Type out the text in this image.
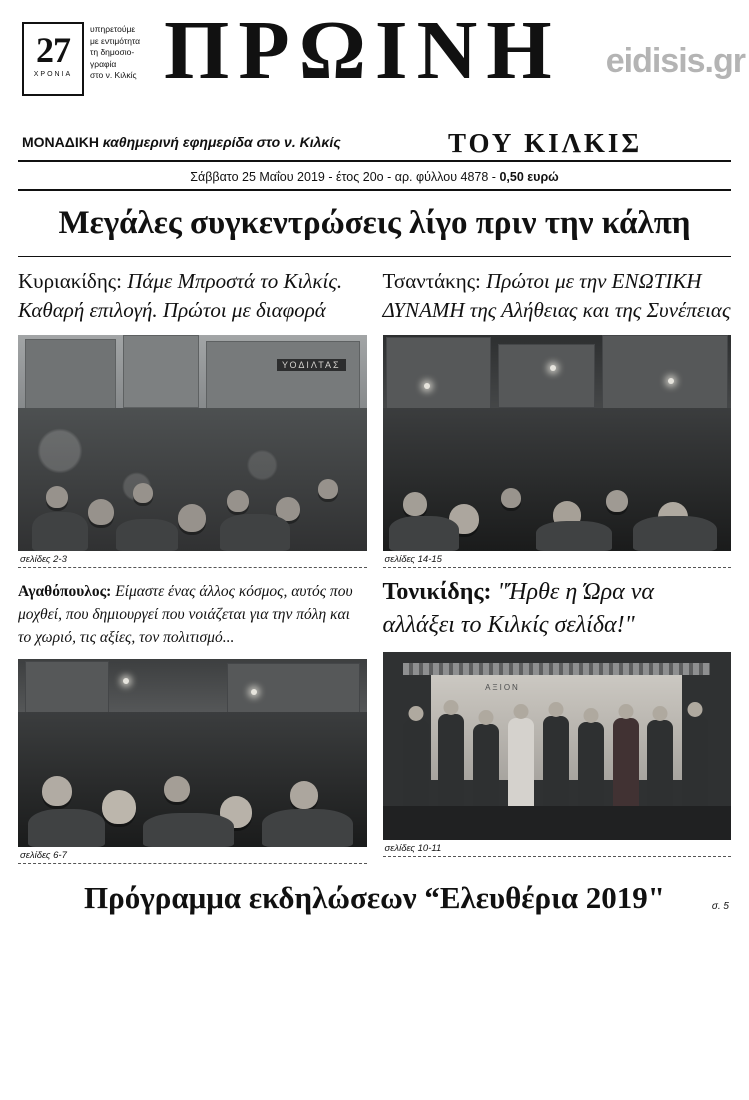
27
ΧΡΟΝΙΑ
υπηρετούμε
με εντιμότητα
τη δημοσιο-
γραφία
στο ν. Κιλκίς ΠΡΩΙΝΗ	eidisis.gr
ΜΟΝΑΔΙΚΗ καθημερινή εφημερίδα στο ν. Κιλκίς	ΤΟΥ ΚΙΛΚΙΣ
Σάββατο 25 Μαΐου 2019 - έτος 20ο - αρ. φύλλου 4878 - 0,50 ευρώ
Μεγάλες συγκεντρώσεις λίγο πριν την κάλπη
Κυριακίδης: Πάμε Μπροστά το Κιλκίς. Καθαρή επιλογή. Πρώτοι με διαφορά
ΥΟΔΙΛΤΑΣ
σελίδες 2-3
Τσαντάκης: Πρώτοι με την ΕΝΩΤΙΚΗ ΔΥΝΑΜΗ της Αλήθειας και της Συνέπειας
σελίδες 14-15
Αγαθόπουλος: Είμαστε ένας άλλος κόσμος, αυτός που μοχθεί, που δημιουργεί που νοιάζεται για την πόλη και το χωριό, τις αξίες, τον πολιτισμό...
σελίδες 6-7
Τονικίδης: "Ήρθε η Ώρα να αλλάξει το Κιλκίς σελίδα!"
ΑΞΙΟΝ
σελίδες 10-11
Πρόγραμμα εκδηλώσεων “Ελευθέρια 2019"	σ. 5
